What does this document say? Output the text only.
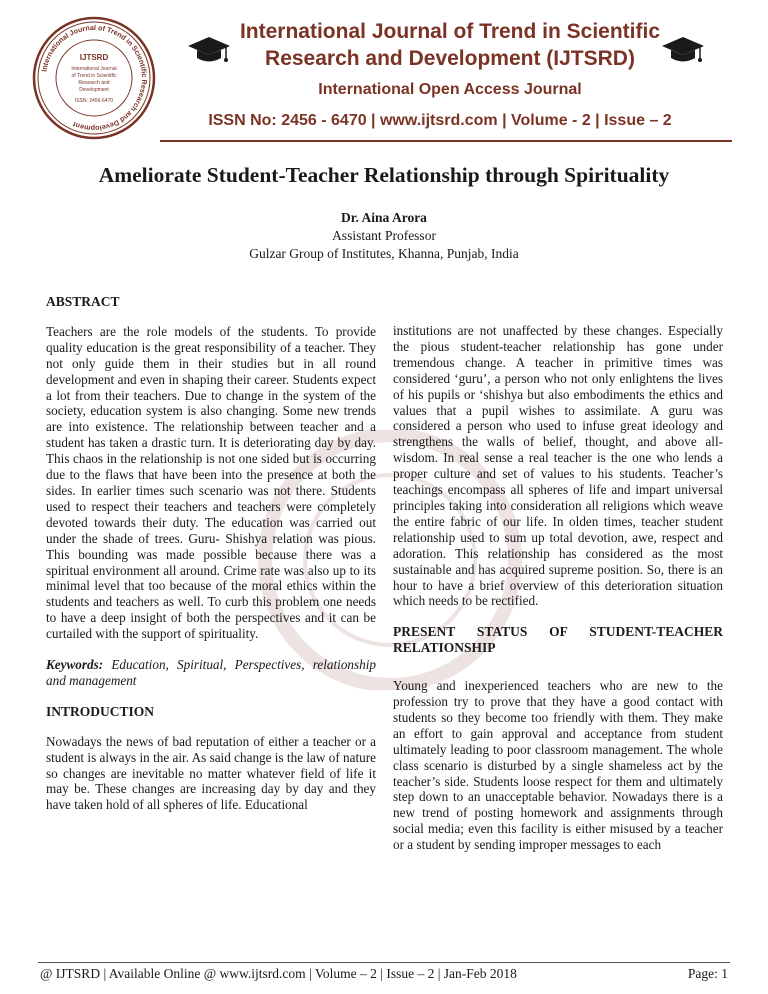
International Journal of Trend in Scientific Research and Development
IJTSRD
International Journal
of Trend in Scientific
Research and
Development
ISSN: 2456-6470
International Journal of Trend in Scientific
Research and Development (IJTSRD)
International Open Access Journal
ISSN No: 2456 - 6470 | www.ijtsrd.com | Volume - 2 | Issue – 2
Ameliorate Student-Teacher Relationship through Spirituality
Dr. Aina Arora
Assistant Professor
Gulzar Group of Institutes, Khanna, Punjab, India
ABSTRACT
Teachers are the role models of the students. To provide quality education is the great responsibility of a teacher. They not only guide them in their studies but in all round development and even in shaping their career. Students expect a lot from their teachers. Due to change in the system of the society, education system is also changing. Some new trends are into existence. The relationship between teacher and a student has taken a drastic turn. It is deteriorating day by day. This chaos in the relationship is not one sided but is occurring due to the flaws that have been into the presence at both the sides. In earlier times such scenario was not there. Students used to respect their teachers and teachers were completely devoted towards their duty. The education was carried out under the shade of trees. Guru- Shishya relation was pious. This bounding was made possible because there was a spiritual environment all around. Crime rate was also up to its minimal level that too because of the moral ethics within the students and teachers as well. To curb this problem one needs to have a deep insight of both the perspectives and it can be curtailed with the support of spirituality.
Keywords: Education, Spiritual, Perspectives, relationship and management
INTRODUCTION
Nowadays the news of bad reputation of either a teacher or a student is always in the air. As said change is the law of nature so changes are inevitable no matter whatever field of life it may be. These changes are increasing day by day and they have taken hold of all spheres of life. Educational
institutions are not unaffected by these changes. Especially the pious student-teacher relationship has gone under tremendous change. A teacher in primitive times was considered ‘guru’, a person who not only enlightens the lives of his pupils or ‘shishya but also embodiments the ethics and values that a pupil wishes to assimilate. A guru was considered a person who used to infuse great ideology and strengthens the walls of belief, thought, and above all- wisdom. In real sense a real teacher is the one who lends a proper culture and set of values to his students. Teacher’s teachings encompass all spheres of life and impart universal principles taking into consideration all religions which weave the entire fabric of our life. In olden times, teacher student relationship used to sum up total devotion, awe, respect and adoration. This relationship has considered as the most sustainable and has acquired supreme position. So, there is an hour to have a brief overview of this deterioration situation which needs to be rectified.
PRESENT STATUS OF STUDENT-TEACHER RELATIONSHIP
Young and inexperienced teachers who are new to the profession try to prove that they have a good contact with students so they become too friendly with them. They make an effort to gain approval and acceptance from student ultimately leading to poor classroom management. The whole class scenario is disturbed by a single shameless act by the teacher’s side. Students loose respect for them and ultimately step down to an unacceptable behavior. Nowadays there is a new trend of posting homework and assignments through social media; even this facility is either misused by a teacher or a student by sending improper messages to each
@ IJTSRD | Available Online @ www.ijtsrd.com | Volume – 2 | Issue – 2 | Jan-Feb 2018	Page: 1
